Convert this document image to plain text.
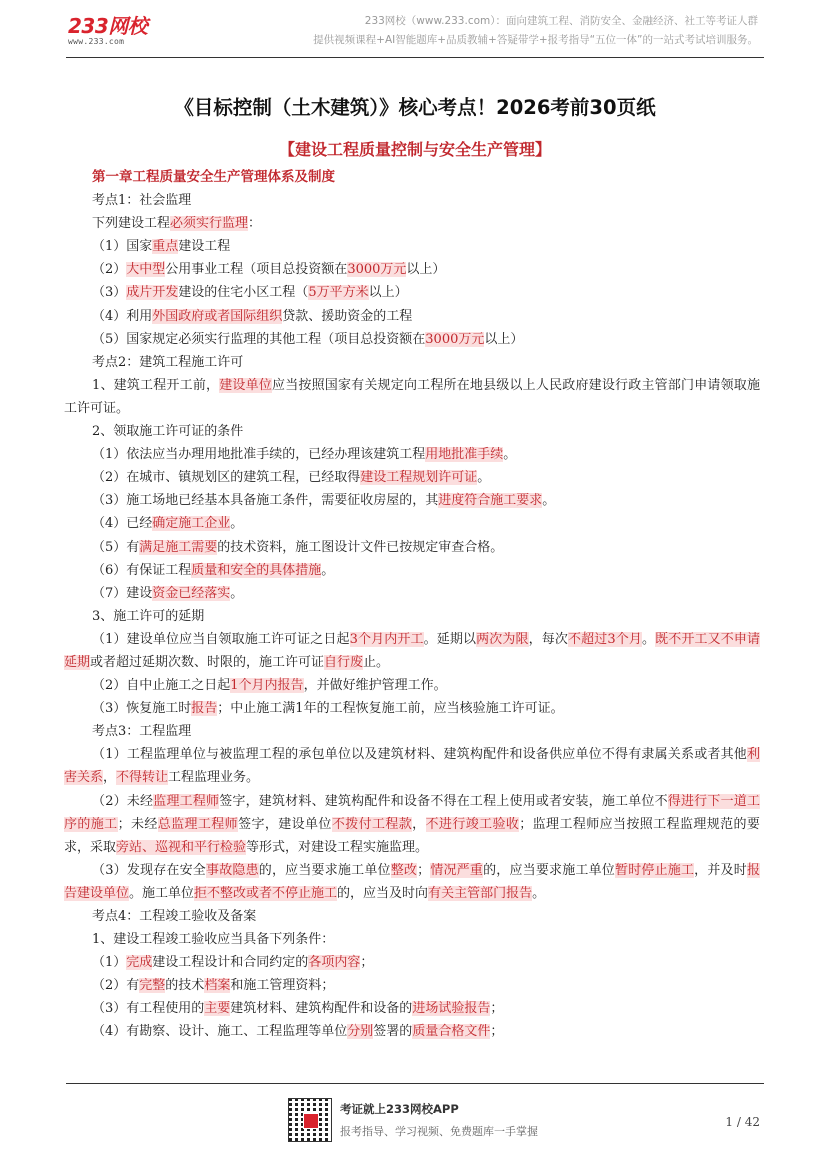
233网校
www.233.com
233网校（www.233.com）：面向建筑工程、消防安全、金融经济、社工等考证人群
提供视频课程+AI智能题库+品质教辅+答疑带学+报考指导“五位一体”的一站式考试培训服务。
《目标控制（土木建筑）》核心考点！2026考前30页纸
【建设工程质量控制与安全生产管理】

第一章工程质量安全生产管理体系及制度

考点1：社会监理

下列建设工程必须实行监理：

（1）国家重点建设工程

（2）大中型公用事业工程（项目总投资额在3000万元以上）

（3）成片开发建设的住宅小区工程（5万平方米以上）

（4）利用外国政府或者国际组织贷款、援助资金的工程

（5）国家规定必须实行监理的其他工程（项目总投资额在3000万元以上）

考点2：建筑工程施工许可

1、建筑工程开工前，建设单位应当按照国家有关规定向工程所在地县级以上人民政府建设行政主管部门申请领取施工许可证。

2、领取施工许可证的条件

（1）依法应当办理用地批准手续的，已经办理该建筑工程用地批准手续。

（2）在城市、镇规划区的建筑工程，已经取得建设工程规划许可证。

（3）施工场地已经基本具备施工条件，需要征收房屋的，其进度符合施工要求。

（4）已经确定施工企业。

（5）有满足施工需要的技术资料，施工图设计文件已按规定审查合格。

（6）有保证工程质量和安全的具体措施。

（7）建设资金已经落实。

3、施工许可的延期

（1）建设单位应当自领取施工许可证之日起3个月内开工。延期以两次为限，每次不超过3个月。既不开工又不申请延期或者超过延期次数、时限的，施工许可证自行废止。

（2）自中止施工之日起1个月内报告，并做好维护管理工作。

（3）恢复施工时报告；中止施工满1年的工程恢复施工前，应当核验施工许可证。

考点3：工程监理

（1）工程监理单位与被监理工程的承包单位以及建筑材料、建筑构配件和设备供应单位不得有隶属关系或者其他利害关系，不得转让工程监理业务。

（2）未经监理工程师签字，建筑材料、建筑构配件和设备不得在工程上使用或者安装，施工单位不得进行下一道工序的施工；未经总监理工程师签字，建设单位不拨付工程款，不进行竣工验收；监理工程师应当按照工程监理规范的要求，采取旁站、巡视和平行检验等形式，对建设工程实施监理。

（3）发现存在安全事故隐患的，应当要求施工单位整改；情况严重的，应当要求施工单位暂时停止施工，并及时报告建设单位。施工单位拒不整改或者不停止施工的，应当及时向有关主管部门报告。

考点4：工程竣工验收及备案

1、建设工程竣工验收应当具备下列条件：

（1）完成建设工程设计和合同约定的各项内容；

（2）有完整的技术档案和施工管理资料；

（3）有工程使用的主要建筑材料、建筑构配件和设备的进场试验报告；

（4）有勘察、设计、施工、工程监理等单位分别签署的质量合格文件；

考证就上233网校APP
报考指导、学习视频、免费题库一手掌握
1 / 42
